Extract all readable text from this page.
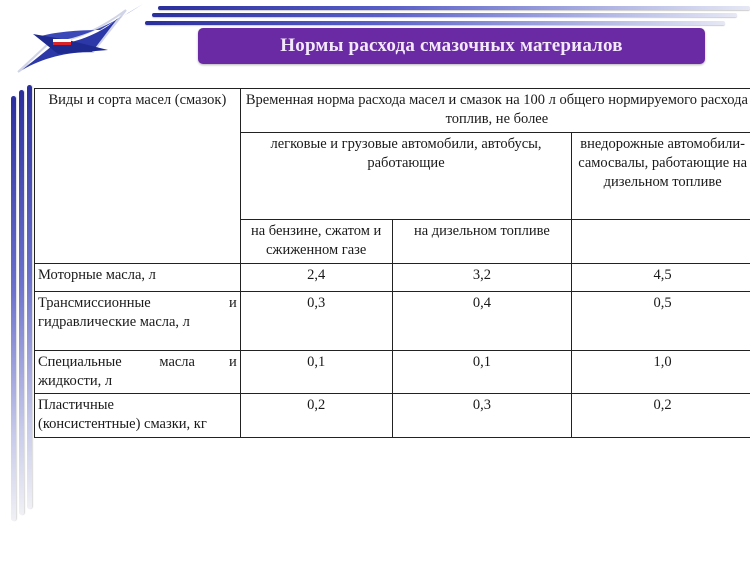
Нормы расхода смазочных материалов
Виды и сорта масел (смазок)	Временная норма расхода масел и смазок на 100 л общего нормируемого расхода топлив, не более		
	легковые и грузовые автомобили, автобусы, работающие		внедорожные автомобили-самосвалы, работающие на дизельном топливе
	на бензине, сжатом и сжиженном газе	на дизельном топливе	
Моторные масла, л	2,4	3,2	4,5

Трансмиссионные и
гидравлические масла, л	0,3	0,4	0,5

Специальные масла и
жидкости, л	0,1	0,1	1,0

Пластичные
(консистентные) смазки, кг	0,2	0,3	0,2
